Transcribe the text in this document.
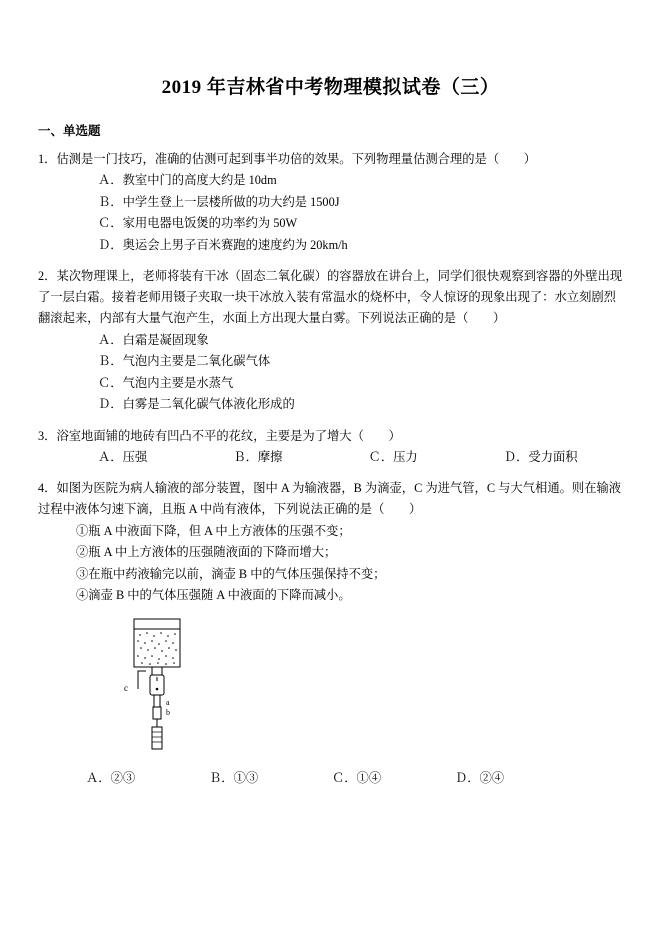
2019 年吉林省中考物理模拟试卷（三）
一、单选题
1．估测是一门技巧，准确的估测可起到事半功倍的效果。下列物理量估测合理的是（　　）
Ａ．教室中门的高度大约是 10dm
Ｂ．中学生登上一层楼所做的功大约是 1500J
Ｃ．家用电器电饭煲的功率约为 50W
Ｄ．奥运会上男子百米赛跑的速度约为 20km/h
2．某次物理课上，老师将装有干冰（固态二氧化碳）的容器放在讲台上，同学们很快观察到容器的外壁出现了一层白霜。接着老师用镊子夹取一块干冰放入装有常温水的烧杯中，令人惊讶的现象出现了：水立刻剧烈翻滚起来，内部有大量气泡产生，水面上方出现大量白雾。下列说法正确的是（　　）
Ａ．白霜是凝固现象
Ｂ．气泡内主要是二氧化碳气体
Ｃ．气泡内主要是水蒸气
Ｄ．白雾是二氧化碳气体液化形成的
3．浴室地面铺的地砖有凹凸不平的花纹，主要是为了增大（　　）
Ａ．压强　　　　　　　Ｂ．摩擦　　　　　　　Ｃ．压力　　　　　　　Ｄ．受力面积
4．如图为医院为病人输液的部分装置，图中 A 为输液器，B 为滴壶，C 为进气管，C 与大气相通。则在输液过程中液体匀速下滴，且瓶 A 中尚有液体，下列说法正确的是（　　）
①瓶 A 中液面下降，但 A 中上方液体的压强不变；
②瓶 A 中上方液体的压强随液面的下降而增大；
③在瓶中药液输完以前，滴壶 B 中的气体压强保持不变；
④滴壶 B 中的气体压强随 A 中液面的下降而减小。
c
b
a
Ａ．②③　　　　　　Ｂ．①③　　　　　　Ｃ．①④　　　　　　Ｄ．②④
